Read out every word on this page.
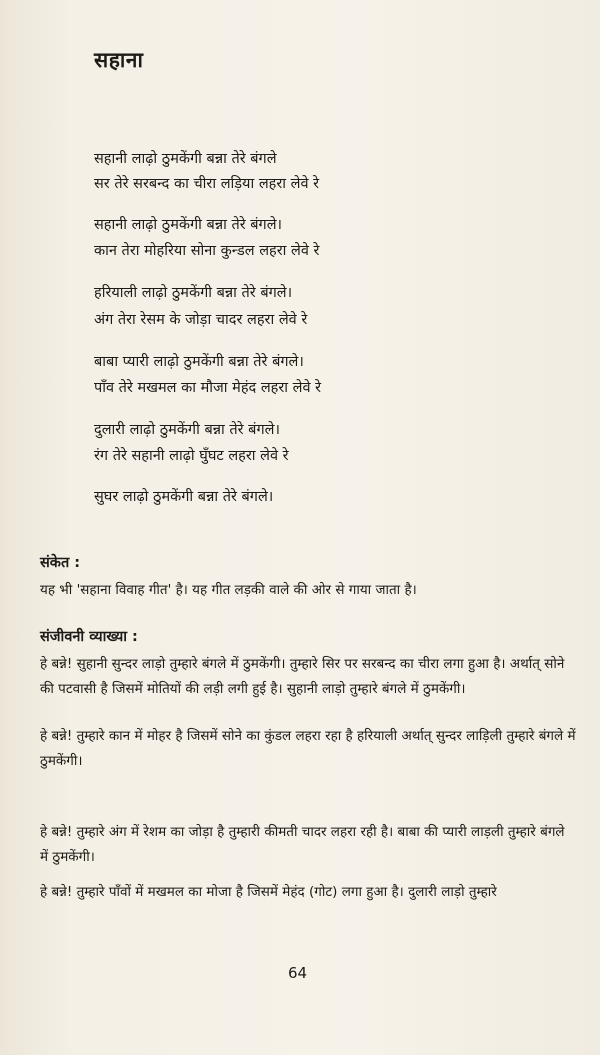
सहाना
सहानी लाढ़ो ठुमकेंगी बन्ना तेरे बंगले
सर तेरे सरबन्द का चीरा लड़िया लहरा लेवे रे
सहानी लाढ़ो ठुमकेंगी बन्ना तेरे बंगले।
कान तेरा मोहरिया सोना कुन्डल लहरा लेवे रे
हरियाली लाढ़ो ठुमकेंगी बन्ना तेरे बंगले।
अंग तेरा रेसम के जोड़ा चादर लहरा लेवे रे
बाबा प्यारी लाढ़ो ठुमकेंगी बन्ना तेरे बंगले।
पाँव तेरे मखमल का मौजा मेहंद लहरा लेवे रे
दुलारी लाढ़ो ठुमकेंगी बन्ना तेरे बंगले।
रंग तेरे सहानी लाढ़ो घुँघट लहरा लेवे रे
सुघर लाढ़ो ठुमकेंगी बन्ना तेरे बंगले।
संकेत :
यह भी 'सहाना विवाह गीत' है। यह गीत लड़की वाले की ओर से गाया जाता है।
संजीवनी व्याख्या :
हे बन्ने! सुहानी सुन्दर लाड़ो तुम्हारे बंगले में ठुमकेंगी। तुम्हारे सिर पर सरबन्द का चीरा लगा हुआ है। अर्थात् सोने की पटवासी है जिसमें मोतियों की लड़ी लगी हुई है। सुहानी लाड़ो तुम्हारे बंगले में ठुमकेंगी।
हे बन्ने! तुम्हारे कान में मोहर है जिसमें सोने का कुंडल लहरा रहा है हरियाली अर्थात् सुन्दर लाड़िली तुम्हारे बंगले में ठुमकेंगी।
हे बन्ने! तुम्हारे अंग में रेशम का जोड़ा है तुम्हारी कीमती चादर लहरा रही है। बाबा की प्यारी लाड़ली तुम्हारे बंगले में ठुमकेंगी।
हे बन्ने! तुम्हारे पाँवों में मखमल का मोजा है जिसमें मेहंद (गोट) लगा हुआ है। दुलारी लाड़ो तुम्हारे
64
